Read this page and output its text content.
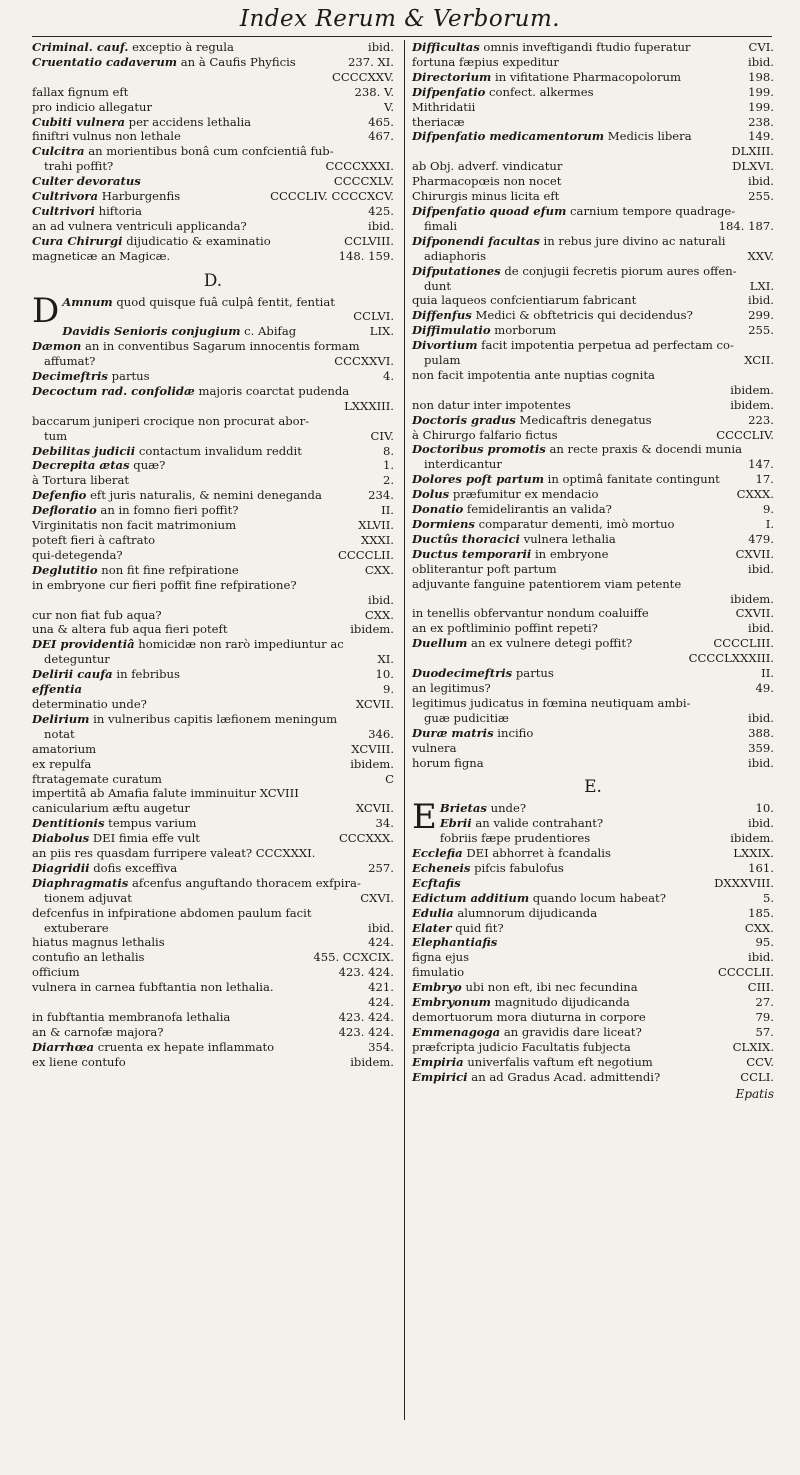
Index Rerum & Verborum.
Criminal. cauf. exceptio à regula	ibid.
Cruentatio cadaverum an à Caufis Phyficis	237. XI.
CCCCXXV.
fallax fignum eft	238. V.
pro indicio allegatur	V.
Cubiti vulnera per accidens lethalia	465.
finiftri vulnus non lethale	467.
Culcitra an morientibus bonâ cum confcientiâ fub-
trahi poffit?	CCCCXXXI.
Culter devoratus	CCCCXLV.
Cultrivora Harburgenfis	CCCCLIV. CCCCXCV.
Cultrivori hiftoria	425.
an ad vulnera ventriculi applicanda?	ibid.
Cura Chirurgi dijudicatio & examinatio	CCLVIII.
magneticæ an Magicæ.	148. 159.
D.
D Amnum quod quisque fuâ culpâ fentit, fentiat
CCLVI.
Davidis Senioris conjugium c. Abifag	LIX.
Dæmon an in conventibus Sagarum innocentis formam
affumat?	CCCXXVI.
Decimeftris partus	4.
Decoctum rad. confolidæ majoris coarctat pudenda
LXXXIII.
baccarum juniperi crocique non procurat abor-
tum	CIV.
Debilitas judicii contactum invalidum reddit	8.
Decrepita ætas quæ?	1.
à Tortura liberat	2.
Defenfio eft juris naturalis, & nemini deneganda	234.
Defloratio an in fomno fieri poffit?	II.
Virginitatis non facit matrimonium	XLVII.
poteft fieri à caftrato	XXXI.
qui-detegenda?	CCCCLII.
Deglutitio non fit fine refpiratione	CXX.
in embryone cur fieri poffit fine refpiratione?
ibid.
cur non fiat fub aqua?	CXX.
una & altera fub aqua fieri poteft	ibidem.
DEI providentiâ homicidæ non rarò impediuntur ac
deteguntur	XI.
Delirii caufa in febribus	10.
effentia	9.
determinatio unde?	XCVII.
Delirium in vulneribus capitis læfionem meningum
notat	346.
amatorium	XCVIII.
ex repulfa	ibidem.
ftratagemate curatum	C
impertitâ ab Amafia falute imminuitur XCVIII
canicularium æftu augetur	XCVII.
Dentitionis tempus varium	34.
Diabolus DEI fimia effe vult	CCCXXX.
an piis res quasdam furripere valeat? CCCXXXI.
Diagridii dofis exceffiva	257.
Diaphragmatis afcenfus anguftando thoracem exfpira-
tionem adjuvat	CXVI.
defcenfus in infpiratione abdomen paulum facit
extuberare	ibid.
hiatus magnus lethalis	424.
contufio an lethalis	455. CCXCIX.
officium	423. 424.
vulnera in carnea fubftantia non lethalia.	421.
424.
in fubftantia membranofa lethalia	423. 424.
an & carnofæ majora?	423. 424.
Diarrhœa cruenta ex hepate inflammato	354.
ex liene contufo	ibidem.
Difficultas omnis inveftigandi ftudio fuperatur	CVI.
fortuna fæpius expeditur	ibid.
Directorium in vifitatione Pharmacopolorum	198.
Difpenfatio confect. alkermes	199.
Mithridatii	199.
theriacæ	238.
Difpenfatio medicamentorum Medicis libera	149.
DLXIII.
ab Obj. adverf. vindicatur	DLXVI.
Pharmacopœis non nocet	ibid.
Chirurgis minus licita eft	255.
Difpenfatio quoad efum carnium tempore quadrage-
fimali	184. 187.
Difponendi facultas in rebus jure divino ac naturali
adiaphoris	XXV.
Difputationes de conjugii fecretis piorum aures offen-
dunt	LXI.
quia laqueos confcientiarum fabricant	ibid.
Diffenfus Medici & obftetricis qui decidendus?	299.
Diffimulatio morborum	255.
Divortium facit impotentia perpetua ad perfectam co-
pulam	XCII.
non facit impotentia ante nuptias cognita
ibidem.
non datur inter impotentes	ibidem.
Doctoris gradus Medicaftris denegatus	223.
à Chirurgo falfario fictus	CCCCLIV.
Doctoribus promotis an recte praxis & docendi munia
interdicantur	147.
Dolores poft partum in optimâ fanitate contingunt	17.
Dolus præfumitur ex mendacio	CXXX.
Donatio femidelirantis an valida?	9.
Dormiens comparatur dementi, imò mortuo	I.
Ductûs thoracici vulnera lethalia	479.
Ductus temporarii in embryone	CXVII.
obliterantur poft partum	ibid.
adjuvante fanguine patentiorem viam petente
ibidem.
in tenellis obfervantur nondum coaluiffe	CXVII.
an ex poftliminio poffint repeti?	ibid.
Duellum an ex vulnere detegi poffit?	CCCCLIII.
CCCCLXXXIII.
Duodecimeftris partus	II.
an legitimus?	49.
legitimus judicatus in fœmina neutiquam ambi-
guæ pudicitiæ	ibid.
Duræ matris incifio	388.
vulnera	359.
horum figna	ibid.
E.
E Brietas unde?	10.
Ebrii an valide contrahant?	ibid.
fobriis fæpe prudentiores	ibidem.
Ecclefia DEI abhorret à fcandalis	LXXIX.
Echeneis pifcis fabulofus	161.
Ecftafis	DXXXVIII.
Edictum additium quando locum habeat?	5.
Edulia alumnorum dijudicanda	185.
Elater quid fit?	CXX.
Elephantiafis	95.
figna ejus	ibid.
fimulatio	CCCCLII.
Embryo ubi non eft, ibi nec fecundina	CIII.
Embryonum magnitudo dijudicanda	27.
demortuorum mora diuturna in corpore	79.
Emmenagoga an gravidis dare liceat?	57.
præfcripta judicio Facultatis fubjecta	CLXIX.
Empiria univerfalis vaftum eft negotium	CCV.
Empirici an ad Gradus Acad. admittendi?	CCLI.
Epatis
